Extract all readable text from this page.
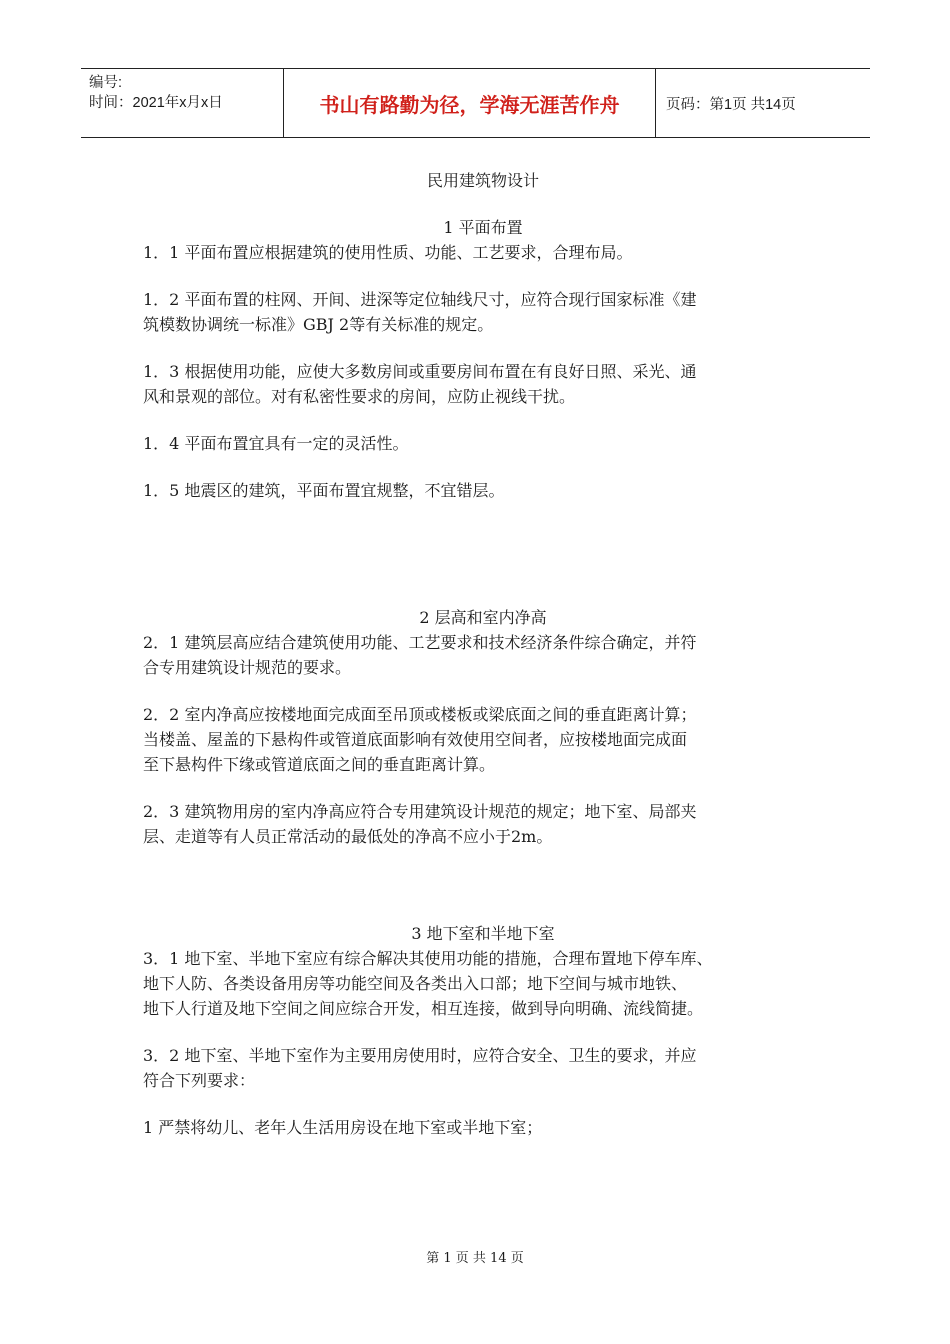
编号:
时间：2021年x月x日	书山有路勤为径，学海无涯苦作舟	页码：第1页 共14页

民用建筑物设计

1 平面布置

1．1 平面布置应根据建筑的使用性质、功能、工艺要求，合理布局。

1．2 平面布置的柱网、开间、进深等定位轴线尺寸，应符合现行国家标准《建

筑模数协调统一标准》GBJ 2等有关标准的规定。

1．3 根据使用功能，应使大多数房间或重要房间布置在有良好日照、采光、通

风和景观的部位。对有私密性要求的房间，应防止视线干扰。

1．4 平面布置宜具有一定的灵活性。

1．5 地震区的建筑，平面布置宜规整，不宜错层。

2 层高和室内净高

2．1 建筑层高应结合建筑使用功能、工艺要求和技术经济条件综合确定，并符

合专用建筑设计规范的要求。

2．2 室内净高应按楼地面完成面至吊顶或楼板或梁底面之间的垂直距离计算；

当楼盖、屋盖的下悬构件或管道底面影响有效使用空间者，应按楼地面完成面

至下悬构件下缘或管道底面之间的垂直距离计算。

2．3 建筑物用房的室内净高应符合专用建筑设计规范的规定；地下室、局部夹

层、走道等有人员正常活动的最低处的净高不应小于2m。

3 地下室和半地下室

3．1 地下室、半地下室应有综合解决其使用功能的措施，合理布置地下停车库、

地下人防、各类设备用房等功能空间及各类出入口部；地下空间与城市地铁、

地下人行道及地下空间之间应综合开发，相互连接，做到导向明确、流线简捷。

3．2 地下室、半地下室作为主要用房使用时，应符合安全、卫生的要求，并应

符合下列要求：

1 严禁将幼儿、老年人生活用房设在地下室或半地下室；

第 1 页 共 14 页
